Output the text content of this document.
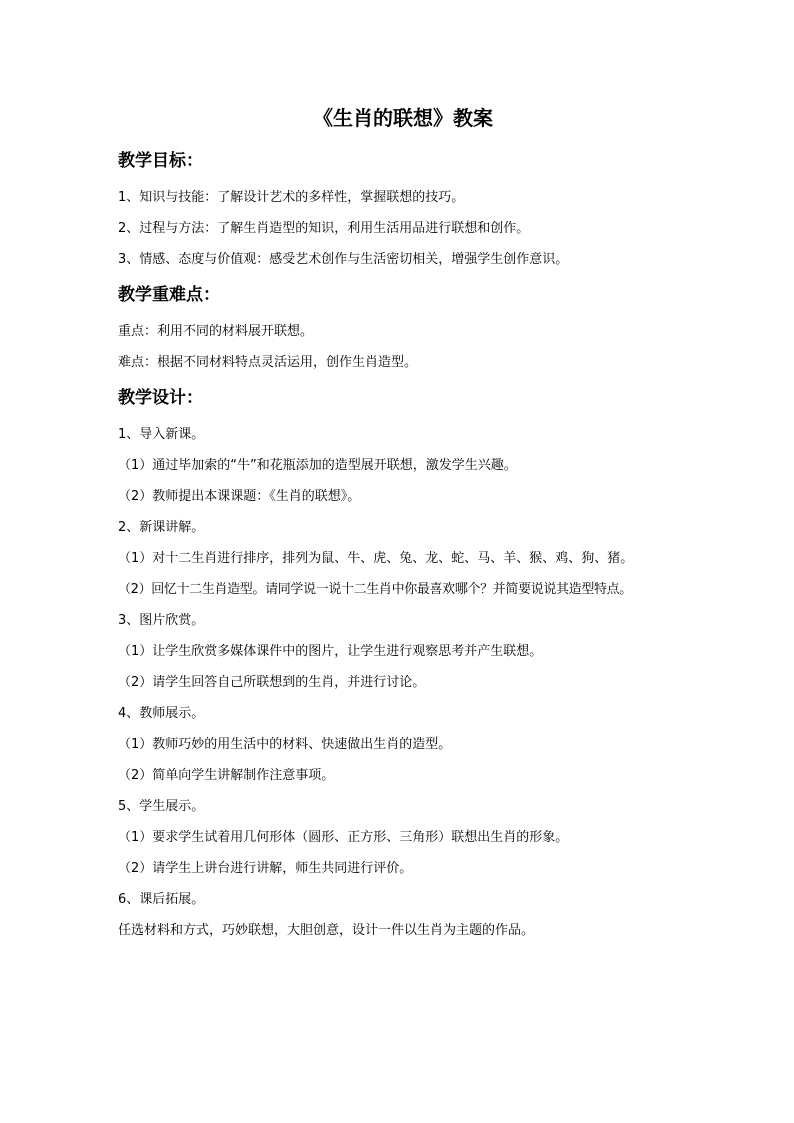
《生肖的联想》教案
教学目标：

1、知识与技能：了解设计艺术的多样性，掌握联想的技巧。

2、过程与方法：了解生肖造型的知识，利用生活用品进行联想和创作。

3、情感、态度与价值观：感受艺术创作与生活密切相关，增强学生创作意识。

教学重难点：

重点：利用不同的材料展开联想。

难点：根据不同材料特点灵活运用，创作生肖造型。

教学设计：

1、导入新课。

（1）通过毕加索的“牛”和花瓶添加的造型展开联想，激发学生兴趣。

（2）教师提出本课课题：《生肖的联想》。

2、新课讲解。

（1）对十二生肖进行排序，排列为鼠、牛、虎、兔、龙、蛇、马、羊、猴、鸡、狗、猪。

（2）回忆十二生肖造型。请同学说一说十二生肖中你最喜欢哪个？并简要说说其造型特点。

3、图片欣赏。

（1）让学生欣赏多媒体课件中的图片，让学生进行观察思考并产生联想。

（2）请学生回答自己所联想到的生肖，并进行讨论。

4、教师展示。

（1）教师巧妙的用生活中的材料、快速做出生肖的造型。

（2）简单向学生讲解制作注意事项。

5、学生展示。

（1）要求学生试着用几何形体（圆形、正方形、三角形）联想出生肖的形象。

（2）请学生上讲台进行讲解，师生共同进行评价。

6、课后拓展。

任选材料和方式，巧妙联想，大胆创意，设计一件以生肖为主题的作品。
